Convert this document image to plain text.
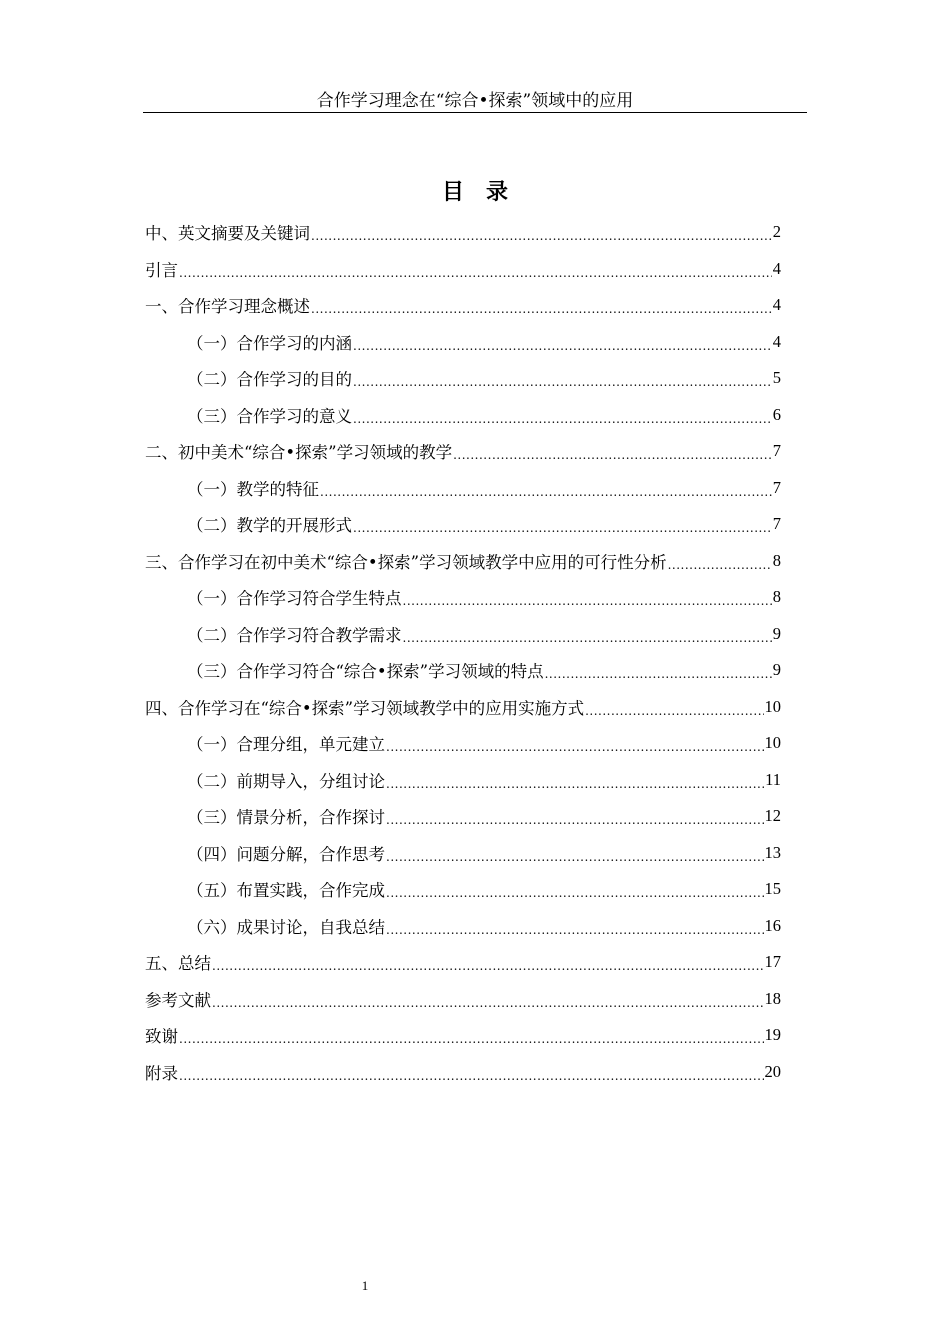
合作学习理念在“综合•探索”领域中的应用
目　录
中、英文摘要及关键词 .....	2
引言 .....	4
一、合作学习理念概述 .....	4
（一）合作学习的内涵 .....	4
（二）合作学习的目的 .....	5
（三）合作学习的意义 .....	6
二、初中美术“综合•探索”学习领域的教学 .....	7
（一）教学的特征 .....	7
（二）教学的开展形式 .....	7
三、合作学习在初中美术“综合•探索”学习领域教学中应用的可行性分析 .....	8
（一）合作学习符合学生特点 .....	8
（二）合作学习符合教学需求 .....	9
（三）合作学习符合“综合•探索”学习领域的特点 .....	9
四、合作学习在“综合•探索”学习领域教学中的应用实施方式 .....	10
（一）合理分组，单元建立 .....	10
（二）前期导入，分组讨论 .....	11
（三）情景分析，合作探讨 .....	12
（四）问题分解，合作思考 .....	13
（五）布置实践，合作完成 .....	15
（六）成果讨论，自我总结 .....	16
五、总结 .....	17
参考文献 .....	18
致谢 .....	19
附录 .....	20
1
